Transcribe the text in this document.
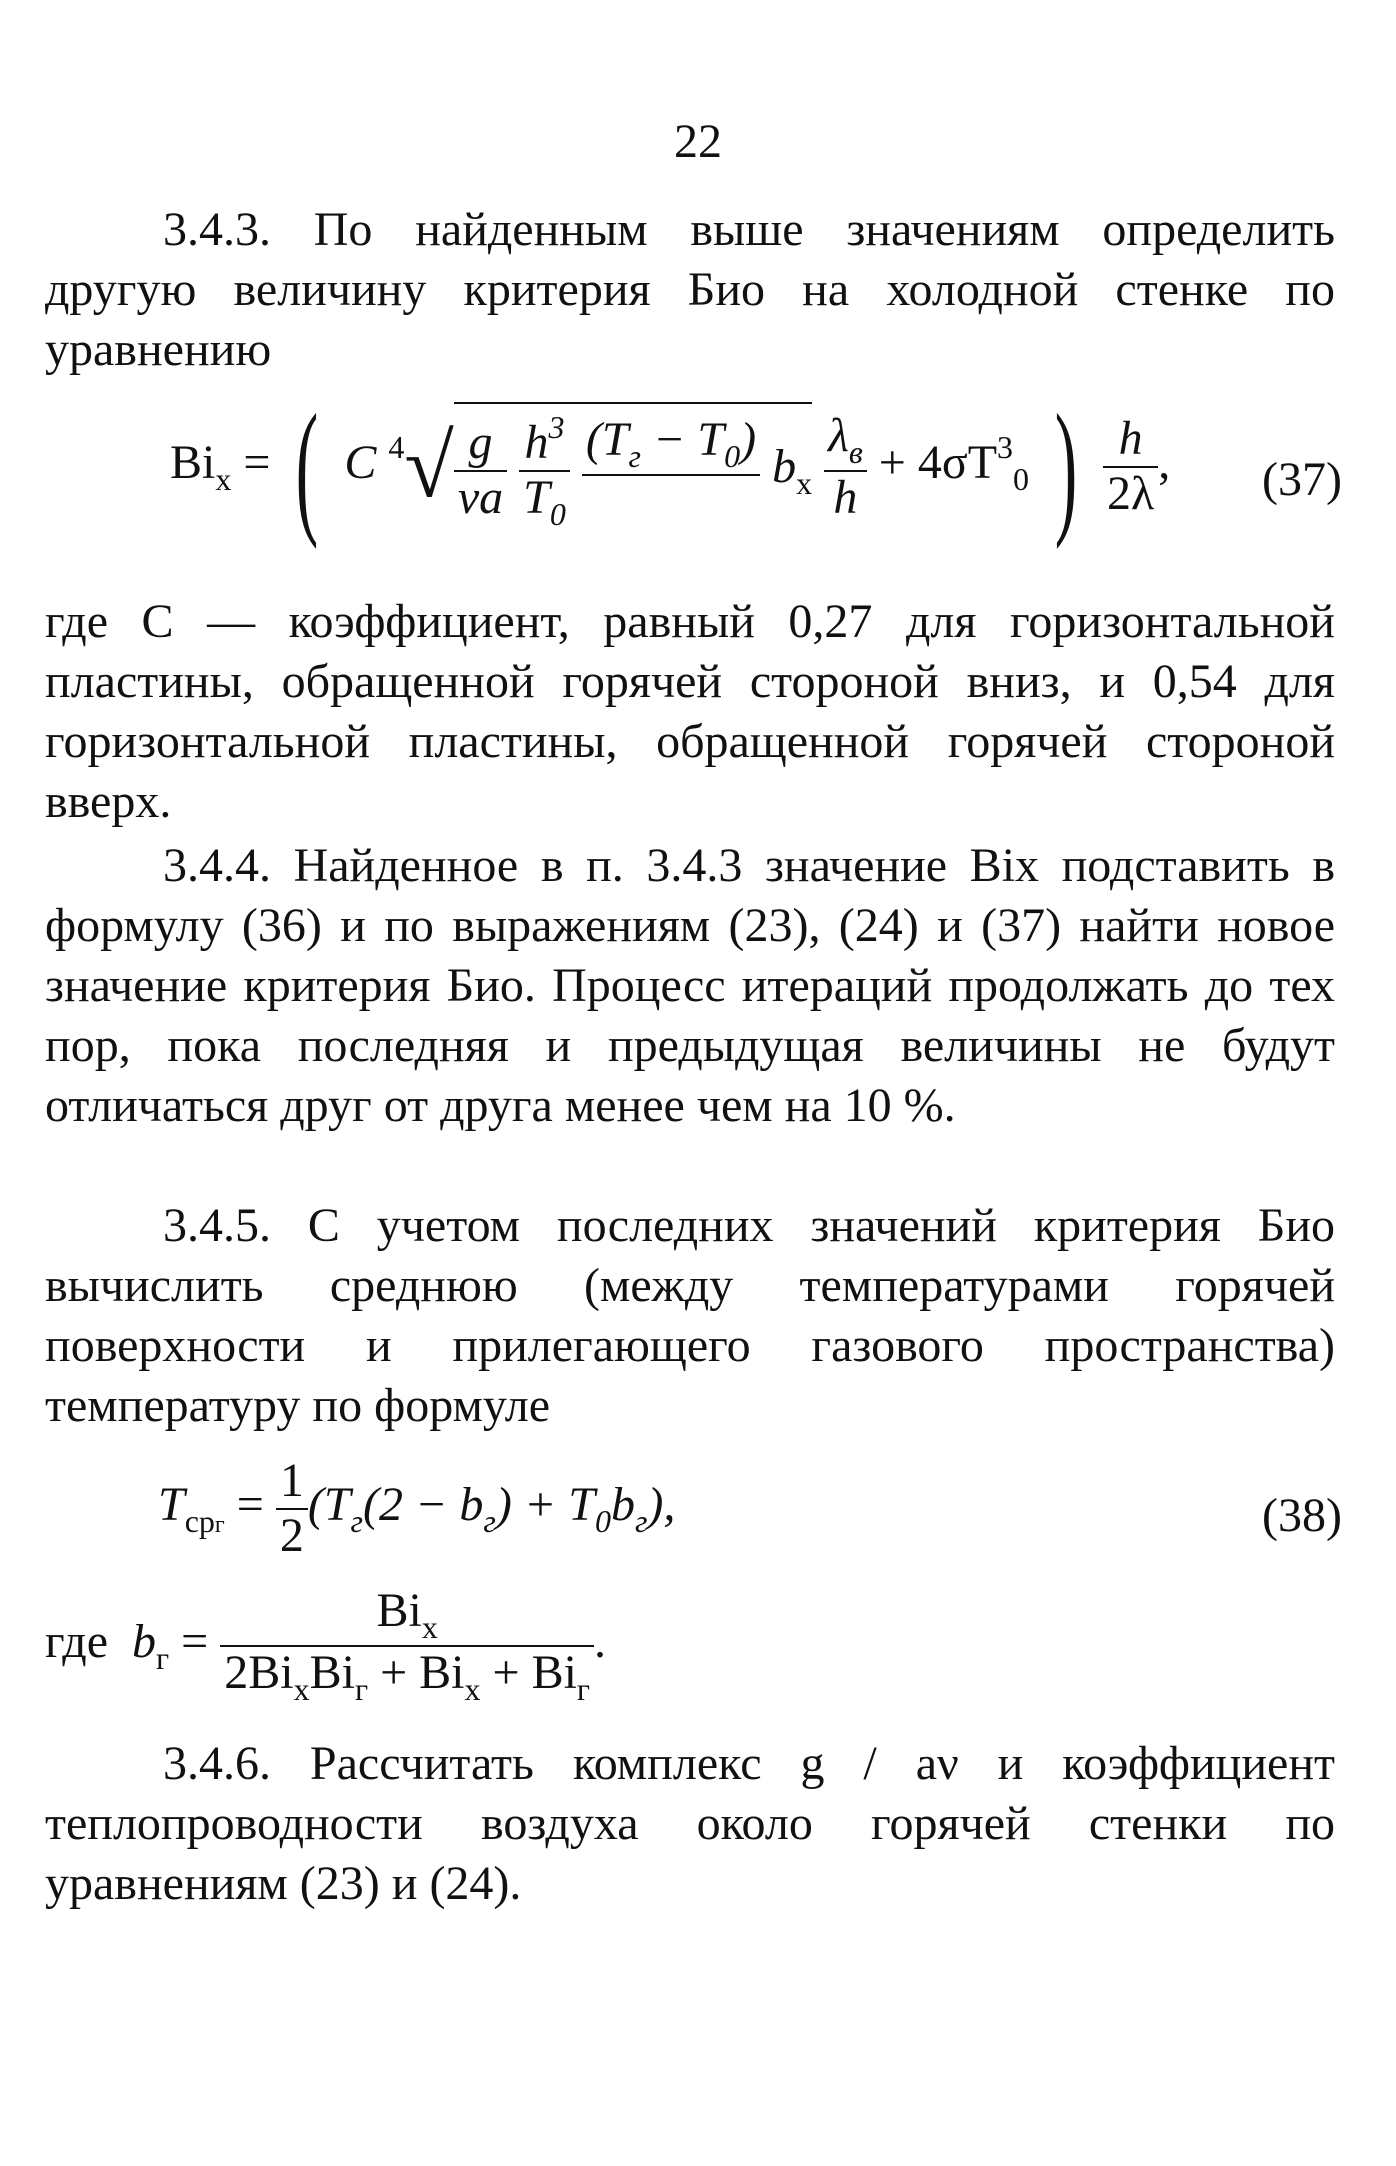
22

3.4.3. По найденным выше значениям определить другую величину критерия Био на холодной стенке по уравнению

$Bi_х$ = ( C $^4√ \frac{g}{\nu a}$
$\frac{h^3}{T_0}$
$(T_г - T_0)$

$b_х \frac{\lambda_в}{h} + 4\sigma T^3_0$ ) $\frac{h}{2\lambda}$ , (37)

где C — коэффициент, равный 0,27 для горизонтальной пластины, обращенной горячей стороной вниз, и 0,54 для горизонтальной пластины, обращенной горячей стороной вверх.

3.4.4. Найденное в п. 3.4.3 значение Biх подставить в формулу (36) и по выражениям (23), (24) и (37) найти новое значение критерия Био. Процесс итераций продолжать до тех пор, пока последняя и предыдущая величины не будут отличаться друг от друга менее чем на 10 %.

3.4.5. С учетом последних значений критерия Био вычислить среднюю (между температурами горячей поверхности и прилегающего газового пространства) температуру по формуле

$T_{срг} = \frac{1}{2} (T_г(2 - b_г) + T_0b_г)$,	(38)
где $b_г = \frac{Bi_х}{2Bi_хBi_г + Bi_х + Bi_г}$ .

3.4.6. Рассчитать комплекс g / aν и коэффициент теплопроводности воздуха около горячей стенки по уравнениям (23) и (24).
